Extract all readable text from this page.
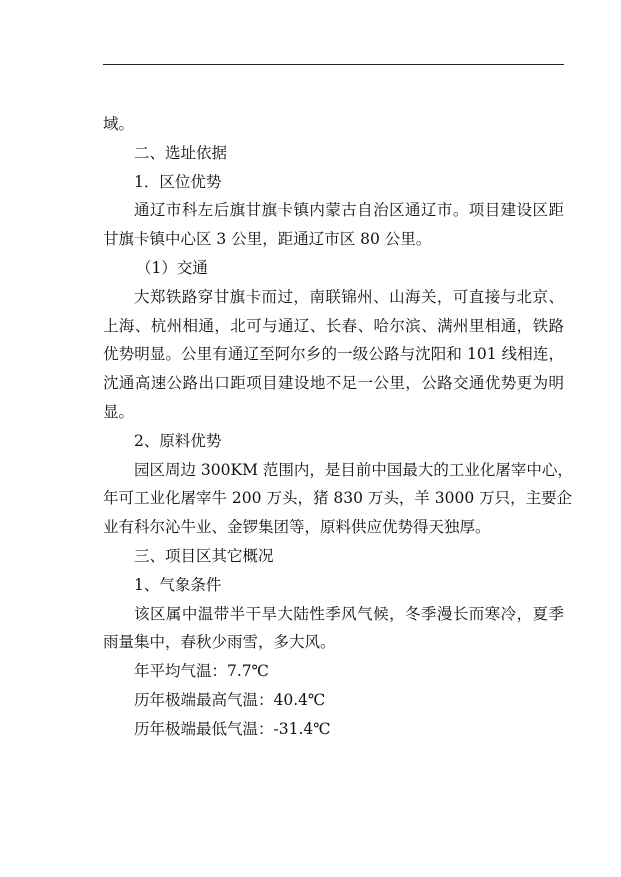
域。
二、选址依据
1．区位优势
通辽市科左后旗甘旗卡镇内蒙古自治区通辽市。项目建设区距
甘旗卡镇中心区 3 公里，距通辽市区 80 公里。
（1）交通
大郑铁路穿甘旗卡而过，南联锦州、山海关，可直接与北京、
上海、杭州相通，北可与通辽、长春、哈尔滨、满州里相通，铁路
优势明显。公里有通辽至阿尔乡的一级公路与沈阳和 101 线相连，
沈通高速公路出口距项目建设地不足一公里，公路交通优势更为明
显。
2、原料优势
园区周边 300KM 范围内，是目前中国最大的工业化屠宰中心，
年可工业化屠宰牛 200 万头，猪 830 万头，羊 3000 万只，主要企
业有科尔沁牛业、金锣集团等，原料供应优势得天独厚。
三、项目区其它概况
1、气象条件
该区属中温带半干旱大陆性季风气候，冬季漫长而寒冷，夏季
雨量集中，春秋少雨雪，多大风。
年平均气温：7.7℃
历年极端最高气温：40.4℃
历年极端最低气温：-31.4℃
